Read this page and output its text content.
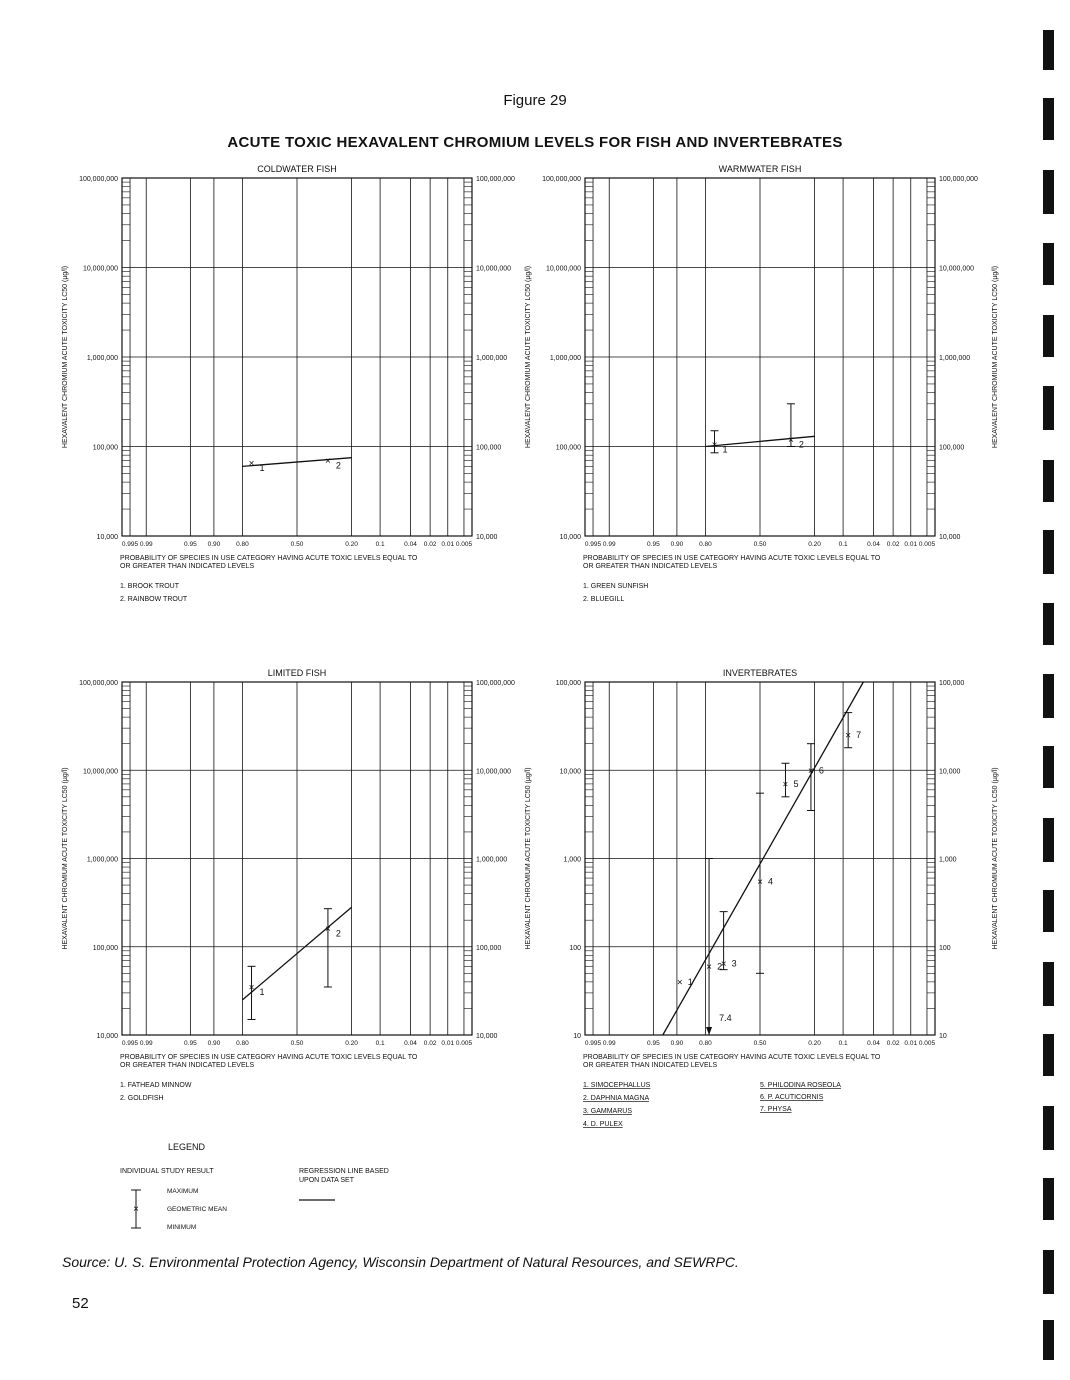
Figure 29
ACUTE TOXIC HEXAVALENT CHROMIUM LEVELS FOR FISH AND INVERTEBRATES
100,000,000	100,000,000
10,000,000	10,000,000
1,000,000	1,000,000
100,000	100,000
10,000	10,000
HEXAVALENT CHROMIUM ACUTE TOXICITY LC50 (µg/l)
COLDWATER FISH
0.995 0.99	0.95 0.90 0.80	0.50	0.20	0.1	0.04 0.02 0.01 0.005
PROBABILITY OF SPECIES IN USE CATEGORY HAVING ACUTE TOXIC LEVELS EQUAL TO
OR GREATER THAN INDICATED LEVELS
1. BROOK TROUT
2. RAINBOW TROUT
× 1
× 2
100,000,000	100,000,000
10,000,000	10,000,000
1,000,000	1,000,000
100,000	100,000
10,000	10,000
HEXAVALENT CHROMIUM ACUTE TOXICITY LC50 (µg/l)	HEXAVALENT CHROMIUM ACUTE TOXICITY LC50 (µg/l)
WARMWATER FISH
0.995 0.99	0.95 0.90 0.80	0.50	0.20	0.1	0.04 0.02 0.01 0.005
PROBABILITY OF SPECIES IN USE CATEGORY HAVING ACUTE TOXIC LEVELS EQUAL TO
OR GREATER THAN INDICATED LEVELS
1. GREEN SUNFISH
2. BLUEGILL
× 1
× 2
100,000,000	100,000,000
10,000,000	10,000,000
1,000,000	1,000,000
100,000	100,000
10,000	10,000
HEXAVALENT CHROMIUM ACUTE TOXICITY LC50 (µg/l)
LIMITED FISH
0.995 0.99	0.95 0.90 0.80	0.50	0.20	0.1	0.04 0.02 0.01 0.005
PROBABILITY OF SPECIES IN USE CATEGORY HAVING ACUTE TOXIC LEVELS EQUAL TO
OR GREATER THAN INDICATED LEVELS
1. FATHEAD MINNOW
2. GOLDFISH
× 1
× 2
100,000	100,000
10,000	10,000
1,000	1,000
100	100
10	10
HEXAVALENT CHROMIUM ACUTE TOXICITY LC50 (µg/l)	HEXAVALENT CHROMIUM ACUTE TOXICITY LC50 (µg/l)
INVERTEBRATES
0.995 0.99	0.95 0.90 0.80	0.50	0.20	0.1	0.04 0.02 0.01 0.005
PROBABILITY OF SPECIES IN USE CATEGORY HAVING ACUTE TOXIC LEVELS EQUAL TO
OR GREATER THAN INDICATED LEVELS
1. SIMOCEPHALLUS
2. DAPHNIA MAGNA
3. GAMMARUS
4. D. PULEX
5. PHILODINA ROSEOLA
6. P. ACUTICORNIS
7. PHYSA
× 1
7.4
× 2
× 3
× 4
× 5
× 6
× 7
LEGEND
INDIVIDUAL STUDY RESULT
×
MAXIMUM
GEOMETRIC MEAN
MINIMUM
REGRESSION LINE BASED
UPON DATA SET
Source: U. S. Environmental Protection Agency, Wisconsin Department of Natural Resources, and SEWRPC.
52
